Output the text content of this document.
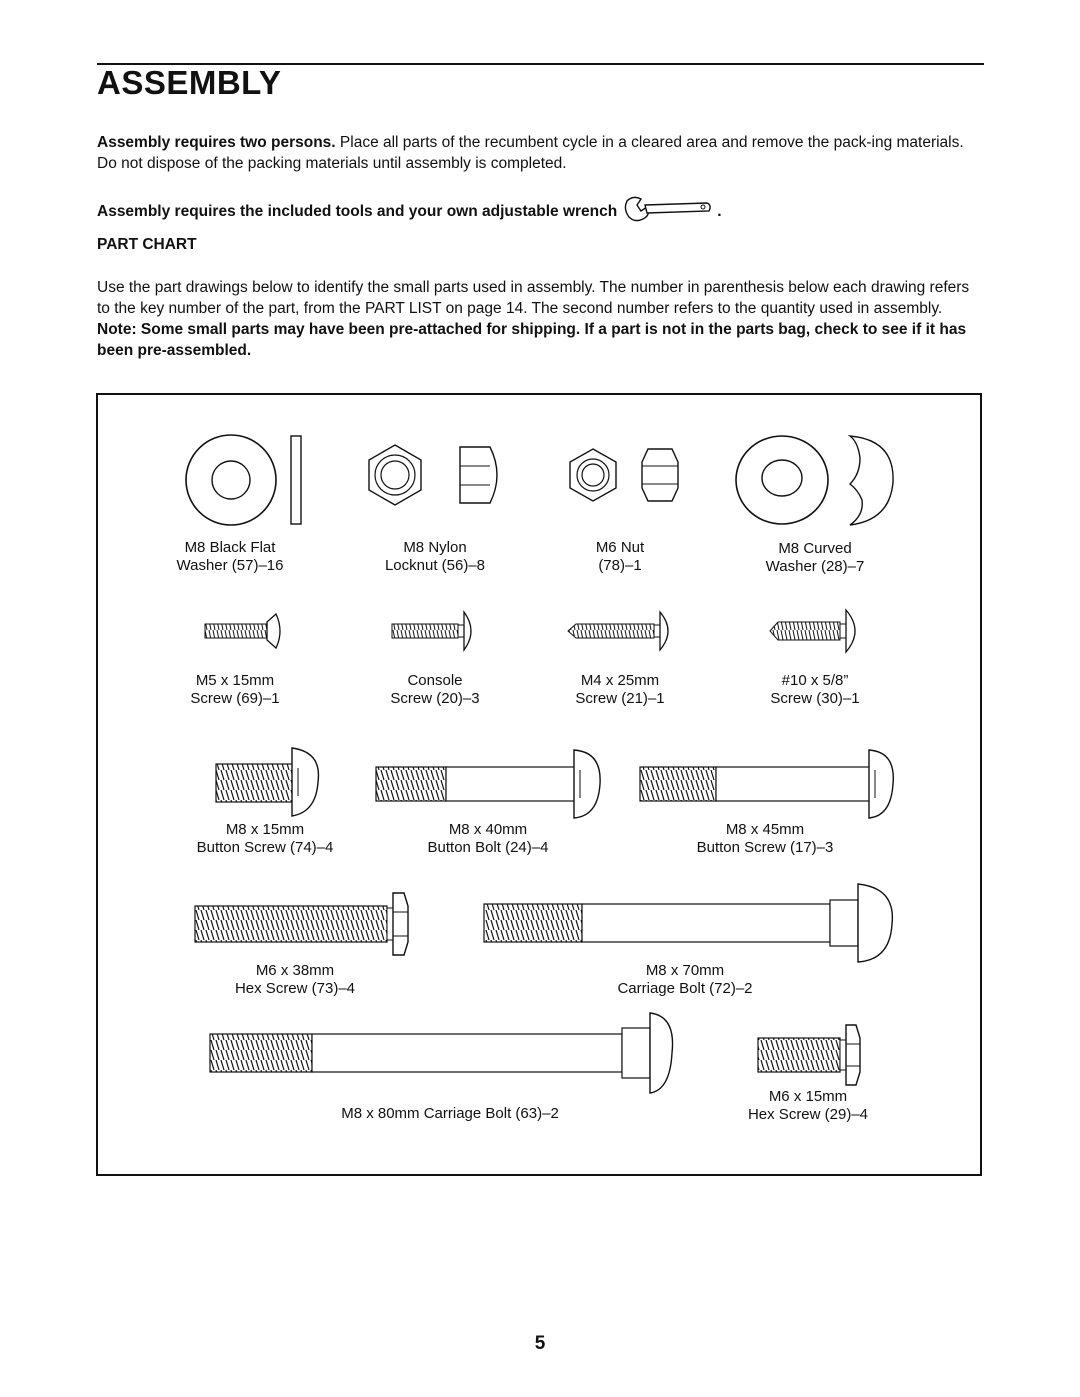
ASSEMBLY
Assembly requires two persons. Place all parts of the recumbent cycle in a cleared area and remove the pack-ing materials. Do not dispose of the packing materials until assembly is completed.
Assembly requires the included tools and your own adjustable wrench	.
PART CHART
Use the part drawings below to identify the small parts used in assembly. The number in parenthesis below each drawing refers to the key number of the part, from the PART LIST on page 14. The second number refers to the quantity used in assembly. Note: Some small parts may have been pre-attached for shipping. If a part is not in the parts bag, check to see if it has been pre-assembled.
M8 Black Flat
Washer (57)–16
M8 Nylon
Locknut (56)–8
M6 Nut
(78)–1
M8 Curved
Washer (28)–7
M5 x 15mm
Screw (69)–1
Console
Screw (20)–3
M4 x 25mm
Screw (21)–1
#10 x 5/8”
Screw (30)–1
M8 x 15mm
Button Screw (74)–4
M8 x 40mm
Button Bolt (24)–4
M8 x 45mm
Button Screw (17)–3
M6 x 38mm
Hex Screw (73)–4
M8 x 70mm
Carriage Bolt (72)–2
M8 x 80mm Carriage Bolt (63)–2
M6 x 15mm
Hex Screw (29)–4
5
